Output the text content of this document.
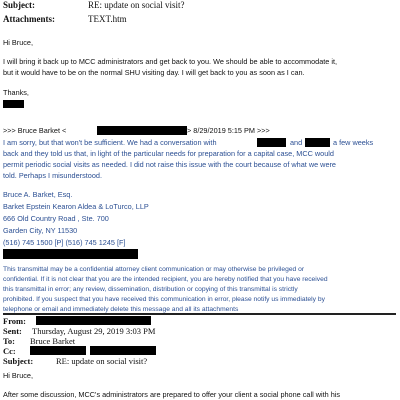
Subject:	RE: update on social visit?
Attachments:	TEXT.htm
Hi Bruce,
I will bring it back up to MCC administrators and get back to you. We should be able to accommodate it,
but it would have to be on the normal SHU visiting day. I will get back to you as soon as I can.
Thanks,
>>> Bruce Barket <	> 8/29/2019 5:15 PM >>>
I am sorry, but that won't be sufficient. We had a conversation with	and	a few weeks
back and they told us that, in light of the particular needs for preparation for a capital case, MCC would
permit periodic social visits as needed. I did not raise this issue with the court because of what we were
told. Perhaps I misunderstood.
Bruce A. Barket, Esq.
Barket Epstein Kearon Aldea & LoTurco, LLP
666 Old Country Road , Ste. 700
Garden City, NY 11530
(516) 745 1500 [P] (516) 745 1245 [F]
This transmittal may be a confidential attorney client communication or may otherwise be privileged or
confidential. If it is not clear that you are the intended recipient, you are hereby notified that you have received
this transmittal in error; any review, dissemination, distribution or copying of this transmittal is strictly
prohibited. If you suspect that you have received this communication in error, please notify us immediately by
telephone or email and immediately delete this message and all its attachments
From:
Sent: Thursday, August 29, 2019 3:03 PM
To: Bruce Barket
Cc:
Subject:	RE: update on social visit?
Hi Bruce,
After some discussion, MCC's administrators are prepared to offer your client a social phone call with his
